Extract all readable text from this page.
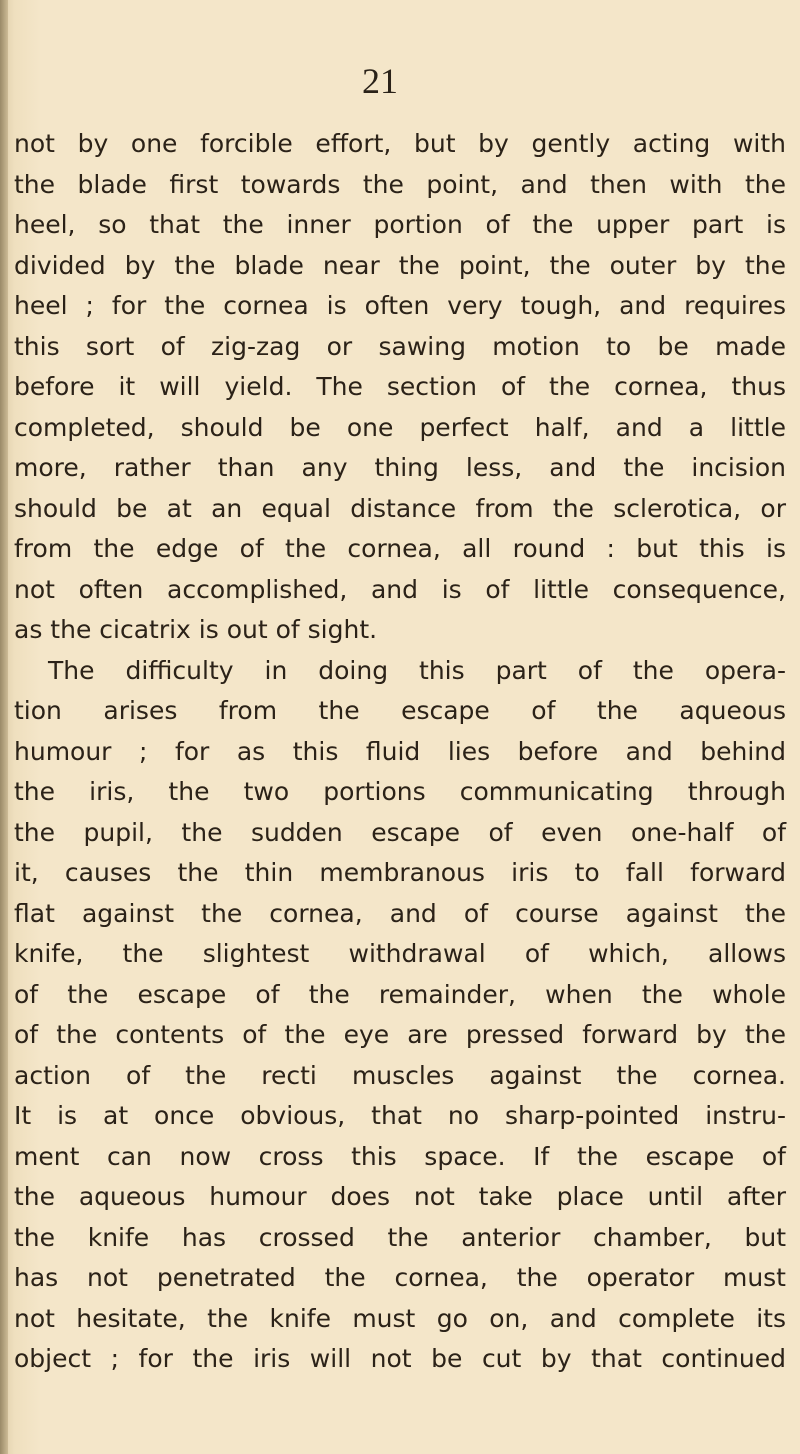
21
not by one forcible effort, but by gently acting with
the blade first towards the point, and then with the
heel, so that the inner portion of the upper part is
divided by the blade near the point, the outer by the
heel ; for the cornea is often very tough, and requires
this sort of zig-zag or sawing motion to be made
before it will yield. The section of the cornea, thus
completed, should be one perfect half, and a little
more, rather than any thing less, and the incision
should be at an equal distance from the sclerotica, or
from the edge of the cornea, all round : but this is
not often accomplished, and is of little consequence,
as the cicatrix is out of sight.
The difficulty in doing this part of the opera-
tion arises from the escape of the aqueous
humour ; for as this fluid lies before and behind
the iris, the two portions communicating through
the pupil, the sudden escape of even one-half of
it, causes the thin membranous iris to fall forward
flat against the cornea, and of course against the
knife, the slightest withdrawal of which, allows
of the escape of the remainder, when the whole
of the contents of the eye are pressed forward by the
action of the recti muscles against the cornea.
It is at once obvious, that no sharp-pointed instru-
ment can now cross this space. If the escape of
the aqueous humour does not take place until after
the knife has crossed the anterior chamber, but
has not penetrated the cornea, the operator must
not hesitate, the knife must go on, and complete its
object ; for the iris will not be cut by that continued
